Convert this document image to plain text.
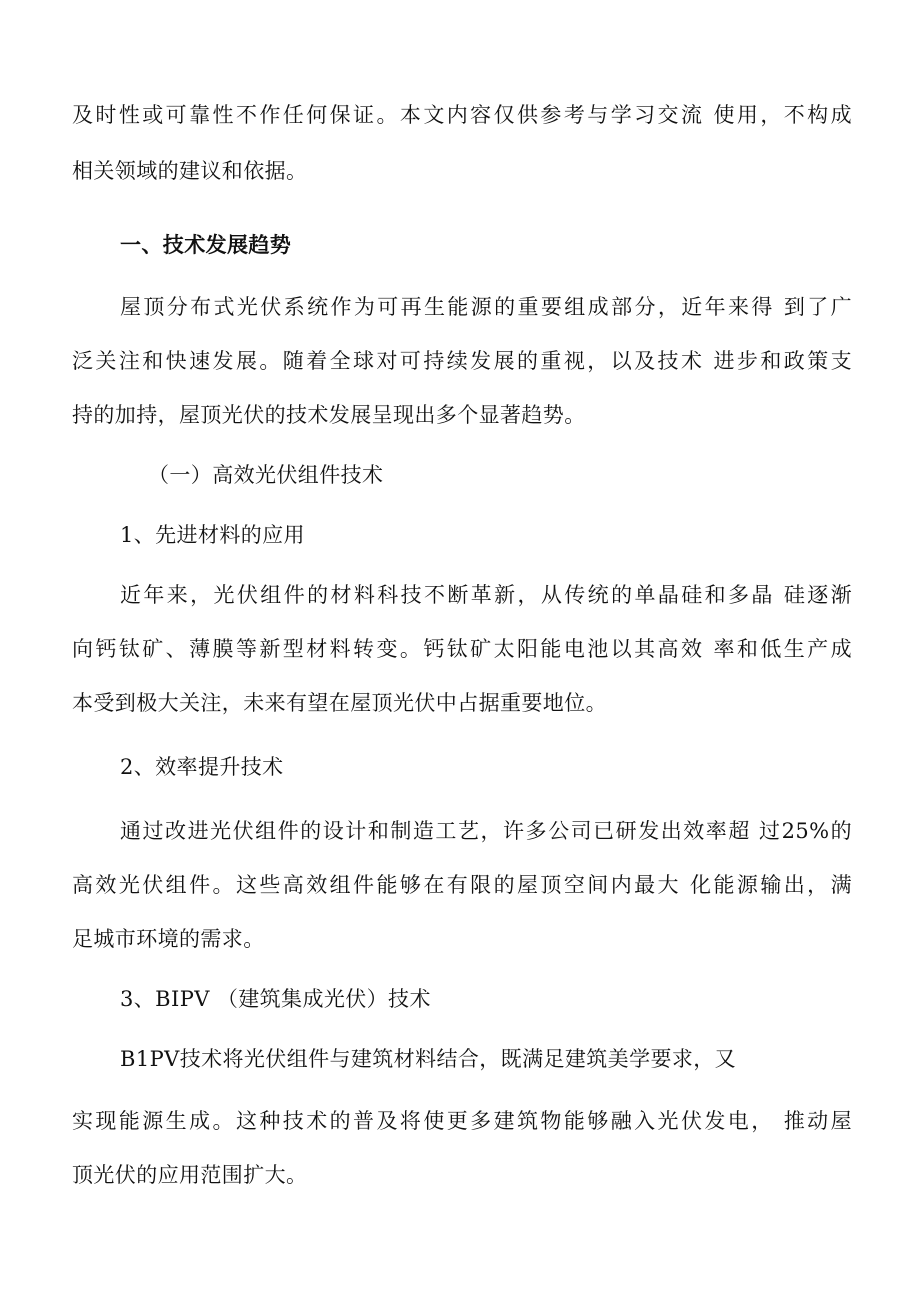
及时性或可靠性不作任何保证。本文内容仅供参考与学习交流 使用，不构成
相关领域的建议和依据。
一、技术发展趋势
屋顶分布式光伏系统作为可再生能源的重要组成部分，近年来得 到了广
泛关注和快速发展。随着全球对可持续发展的重视，以及技术 进步和政策支
持的加持，屋顶光伏的技术发展呈现出多个显著趋势。
（一）高效光伏组件技术
1、先进材料的应用
近年来，光伏组件的材料科技不断革新，从传统的单晶硅和多晶 硅逐渐
向钙钛矿、薄膜等新型材料转变。钙钛矿太阳能电池以其高效 率和低生产成
本受到极大关注，未来有望在屋顶光伏中占据重要地位。
2、效率提升技术
通过改进光伏组件的设计和制造工艺，许多公司已研发出效率超 过25%的
高效光伏组件。这些高效组件能够在有限的屋顶空间内最大 化能源输出，满
足城市环境的需求。
3、BIPV （建筑集成光伏）技术
B1PV技术将光伏组件与建筑材料结合，既满足建筑美学要求，又
实现能源生成。这种技术的普及将使更多建筑物能够融入光伏发电， 推动屋
顶光伏的应用范围扩大。
